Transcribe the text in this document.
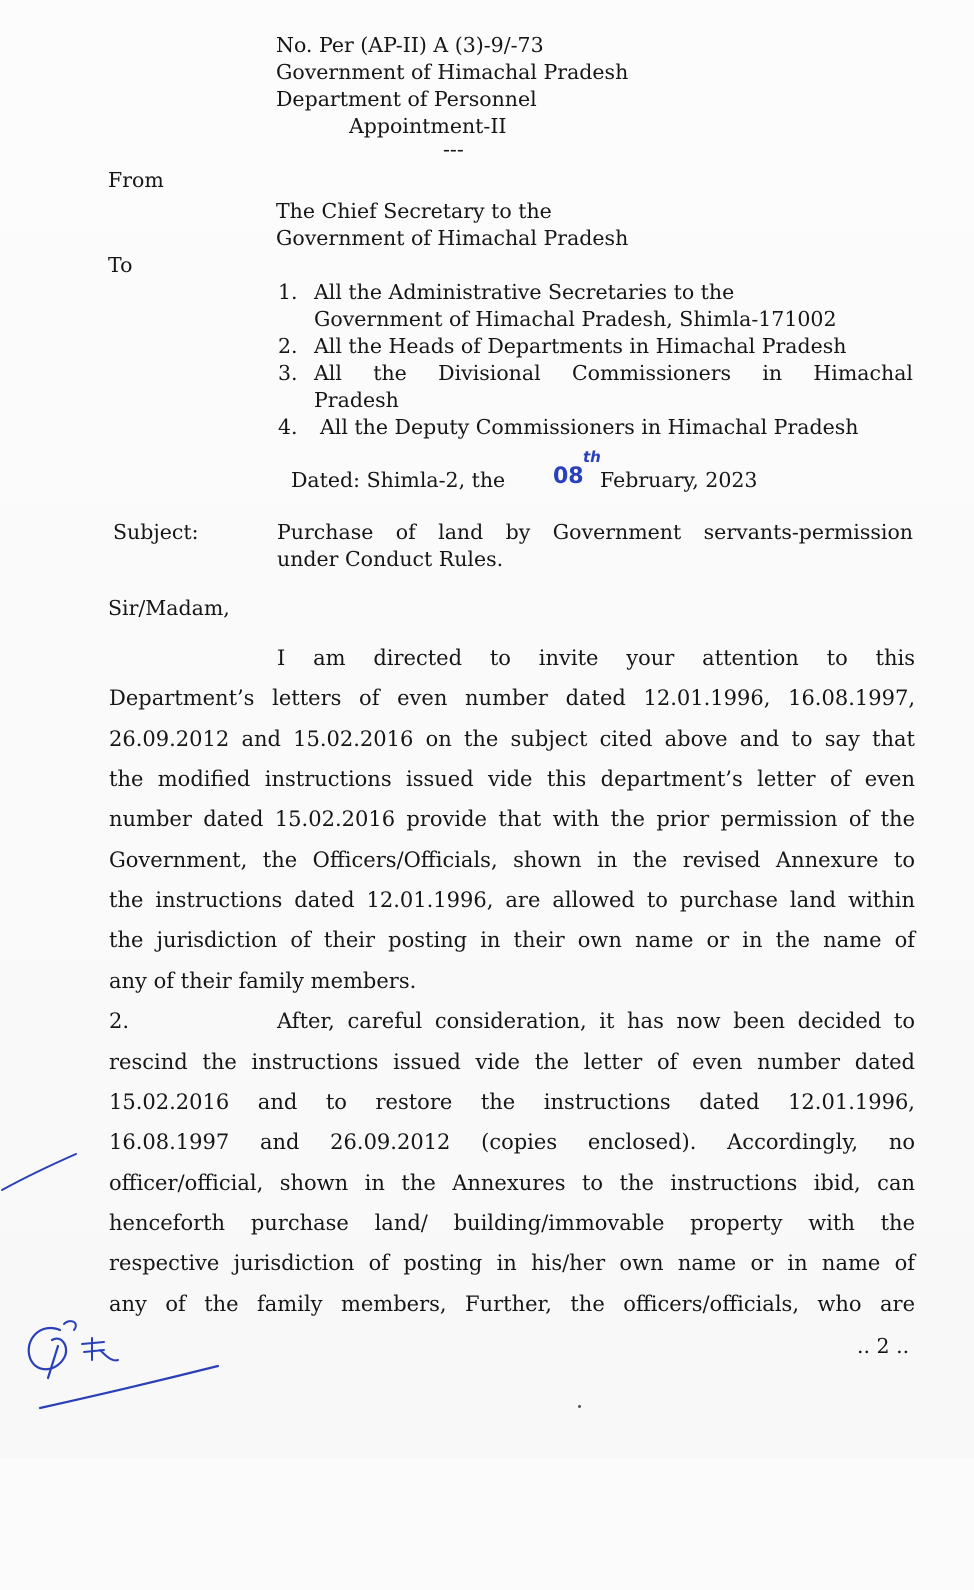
No. Per (AP-II) A (3)-9/-73
Government of Himachal Pradesh
Department of Personnel
Appointment-II
---
From
The Chief Secretary to the
Government of Himachal Pradesh
To
1. All the Administrative Secretaries to the
Government of Himachal Pradesh, Shimla-171002
2. All the Heads of Departments in Himachal Pradesh
3. All the Divisional Commissioners in Himachal
Pradesh
4. All the Deputy Commissioners in Himachal Pradesh
Dated: Shimla-2, the 08
th
February, 2023
Subject:	Purchase of land by Government servants-permission
under Conduct Rules.
Sir/Madam,
I am directed to invite your attention to this
Department’s letters of even number dated 12.01.1996, 16.08.1997,
26.09.2012 and 15.02.2016 on the subject cited above and to say that
the modified instructions issued vide this department’s letter of even
number dated 15.02.2016 provide that with the prior permission of the
Government, the Officers/Officials, shown in the revised Annexure to
the instructions dated 12.01.1996, are allowed to purchase land within
the jurisdiction of their posting in their own name or in the name of
any of their family members.
2.	After, careful consideration, it has now been decided to
rescind the instructions issued vide the letter of even number dated
15.02.2016 and to restore the instructions dated 12.01.1996,
16.08.1997 and 26.09.2012 (copies enclosed). Accordingly, no
officer/official, shown in the Annexures to the instructions ibid, can
henceforth purchase land/ building/immovable property with the
respective jurisdiction of posting in his/her own name or in name of
any of the family members, Further, the officers/officials, who are
.. 2 ..
